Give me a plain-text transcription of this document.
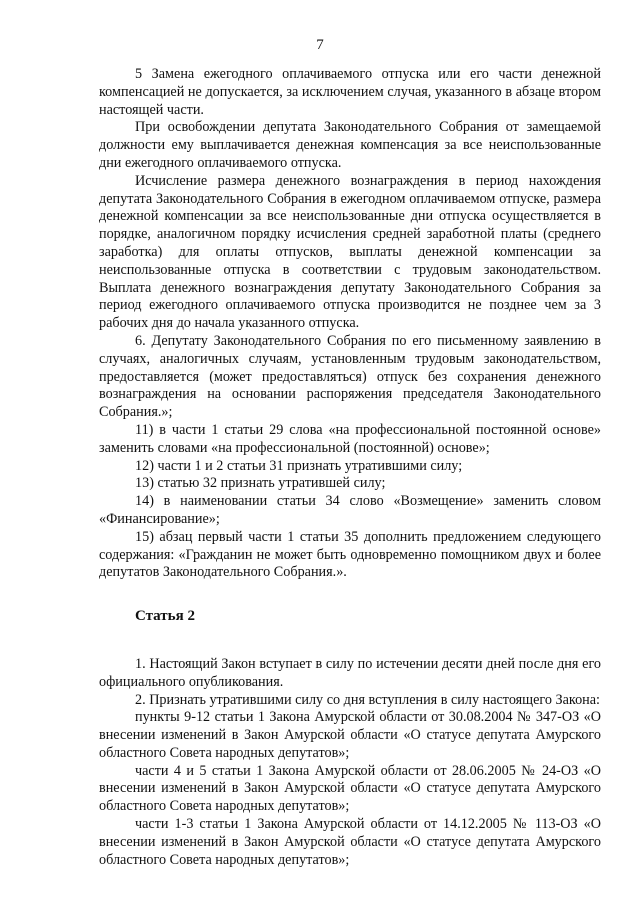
7

5 Замена ежегодного оплачиваемого отпуска или его части денежной компенсацией не допускается, за исключением случая, указанного в абзаце втором настоящей части.

При освобождении депутата Законодательного Собрания от замещаемой должности ему выплачивается денежная компенсация за все неиспользованные дни ежегодного оплачиваемого отпуска.

Исчисление размера денежного вознаграждения в период нахождения депутата Законодательного Собрания в ежегодном оплачиваемом отпуске, размера денежной компенсации за все неиспользованные дни отпуска осуществляется в порядке, аналогичном порядку исчисления средней заработной платы (среднего заработка) для оплаты отпусков, выплаты денежной компенсации за неиспользованные отпуска в соответствии с трудовым законодательством. Выплата денежного вознаграждения депутату Законодательного Собрания за период ежегодного оплачиваемого отпуска производится не позднее чем за 3 рабочих дня до начала указанного отпуска.

6. Депутату Законодательного Собрания по его письменному заявлению в случаях, аналогичных случаям, установленным трудовым законодательством, предоставляется (может предоставляться) отпуск без сохранения денежного вознаграждения на основании распоряжения председателя Законодательного Собрания.»;

11) в части 1 статьи 29 слова «на профессиональной постоянной основе» заменить словами «на профессиональной (постоянной) основе»;

12) части 1 и 2 статьи 31 признать утратившими силу;

13) статью 32 признать утратившей силу;

14) в наименовании статьи 34 слово «Возмещение» заменить словом «Финансирование»;

15) абзац первый части 1 статьи 35 дополнить предложением следующего содержания: «Гражданин не может быть одновременно помощником двух и более депутатов Законодательного Собрания.».

Статья 2

1. Настоящий Закон вступает в силу по истечении десяти дней после дня его официального опубликования.

2. Признать утратившими силу со дня вступления в силу настоящего Закона:

пункты 9-12 статьи 1 Закона Амурской области от 30.08.2004 № 347-ОЗ «О внесении изменений в Закон Амурской области «О статусе депутата Амурского областного Совета народных депутатов»;

части 4 и 5 статьи 1 Закона Амурской области от 28.06.2005 № 24-ОЗ «О внесении изменений в Закон Амурской области «О статусе депутата Амурского областного Совета народных депутатов»;

части 1-3 статьи 1 Закона Амурской области от 14.12.2005 № 113-ОЗ «О внесении изменений в Закон Амурской области «О статусе депутата Амурского областного Совета народных депутатов»;
